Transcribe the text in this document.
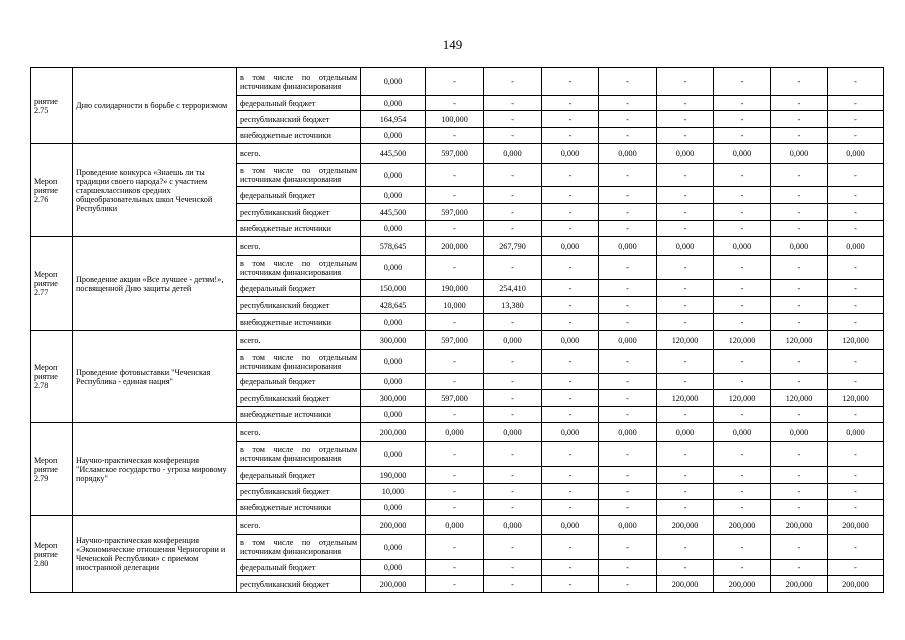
149
риятие
2.75	Дню солидарности в борьбе с терроризмом	в том числе по отдельным источникам финансирования	0,000	-	-	-	-	-	-	-	-
		федеральный бюджет	0,000	-	-	-	-	-	-	-	-
		республиканский бюджет	164,954	100,000	-	-	-	-	-	-	-
		внебюджетные источники	0,000	-	-	-	-	-	-	-	-

Мероп
риятие
2.76	Проведение конкурса «Знаешь ли ты традиции своего народа?» с участием старшеклассников средних общеобразовательных школ Чеченской Республики	всего.	445,500	597,000	0,000	0,000	0,000	0,000	0,000	0,000	0,000
		в том числе по отдельным источникам финансирования	0,000	-	-	-	-	-	-	-	-
		федеральный бюджет	0,000	-	-	-	-	-	-	-	-
		республиканский бюджет	445,500	597,000	-	-	-	-	-	-	-
		внебюджетные источники	0,000	-	-	-	-	-	-	-	-

Мероп
риятие
2.77	Проведение акции «Все лучшее - детям!», посвященной Дню защиты детей	всего.	578,645	200,000	267,790	0,000	0,000	0,000	0,000	0,000	0,000
		в том числе по отдельным источникам финансирования	0,000	-	-	-	-	-	-	-	-
		федеральный бюджет	150,000	190,000	254,410	-	-	-	-	-	-
		республиканский бюджет	428,645	10,000	13,380	-	-	-	-	-	-
		внебюджетные источники	0,000	-	-	-	-	-	-	-	-

Мероп
риятие
2.78	Проведение фотовыставки "Чеченская Республика - единая нация"	всего.	300,000	597,000	0,000	0,000	0,000	120,000	120,000	120,000	120,000
		в том числе по отдельным источникам финансирования	0,000	-	-	-	-	-	-	-	-
		федеральный бюджет	0,000	-	-	-	-	-	-	-	-
		республиканский бюджет	300,000	597,000	-	-	-	120,000	120,000	120,000	120,000
		внебюджетные источники	0,000	-	-	-	-	-	-	-	-

Мероп
риятие
2.79	Научно-практическая конференция "Исламское государство - угроза мировому порядку"	всего.	200,000	0,000	0,000	0,000	0,000	0,000	0,000	0,000	0,000
		в том числе по отдельным источникам финансирования	0,000	-	-	-	-	-	-	-	-
		федеральный бюджет	190,000	-	-	-	-	-	-	-	-
		республиканский бюджет	10,000	-	-	-	-	-	-	-	-
		внебюджетные источники	0,000	-	-	-	-	-	-	-	-

Мероп
риятие
2.80	Научно-практическая конференция «Экономические отношения Черногории и Чеченской Республики» с приемом иностранной делегации	всего.	200,000	0,000	0,000	0,000	0,000	200,000	200,000	200,000	200,000
		в том числе по отдельным источникам финансирования	0,000	-	-	-	-	-	-	-	-
		федеральный бюджет	0,000	-	-	-	-	-	-	-	-
		республиканский бюджет	200,000	-	-	-	-	200,000	200,000	200,000	200,000
